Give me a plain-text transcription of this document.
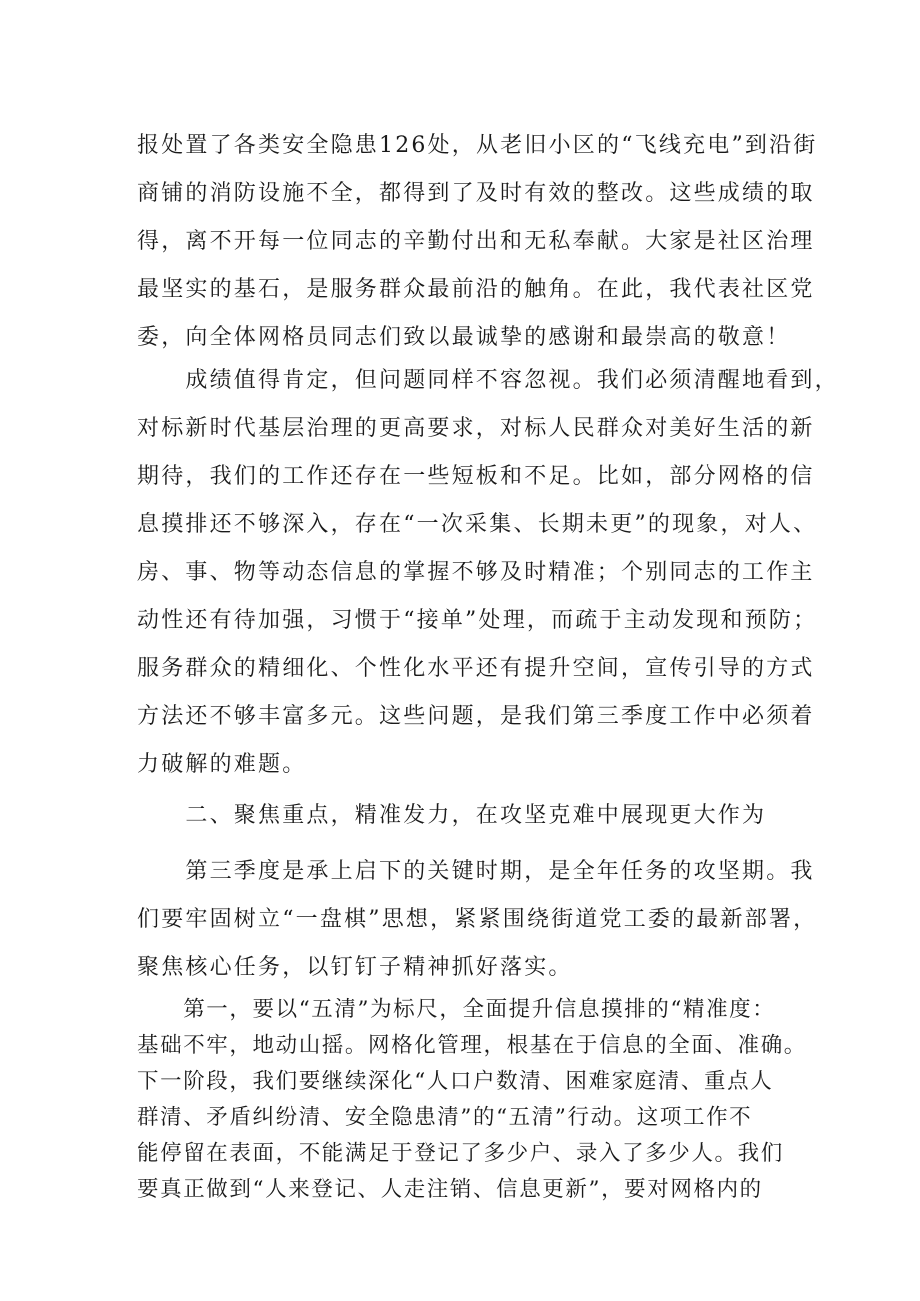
报处置了各类安全隐患126处，从老旧小区的“飞线充电”到沿街
商铺的消防设施不全，都得到了及时有效的整改。这些成绩的取
得，离不开每一位同志的辛勤付出和无私奉献。大家是社区治理
最坚实的基石，是服务群众最前沿的触角。在此，我代表社区党
委，向全体网格员同志们致以最诚挚的感谢和最崇高的敬意！
　　成绩值得肯定，但问题同样不容忽视。我们必须清醒地看到，
对标新时代基层治理的更高要求，对标人民群众对美好生活的新
期待，我们的工作还存在一些短板和不足。比如，部分网格的信
息摸排还不够深入，存在“一次采集、长期未更”的现象，对人、
房、事、物等动态信息的掌握不够及时精准；个别同志的工作主
动性还有待加强，习惯于“接单”处理，而疏于主动发现和预防；
服务群众的精细化、个性化水平还有提升空间，宣传引导的方式
方法还不够丰富多元。这些问题，是我们第三季度工作中必须着
力破解的难题。
　　二、聚焦重点，精准发力，在攻坚克难中展现更大作为
　　第三季度是承上启下的关键时期，是全年任务的攻坚期。我
们要牢固树立“一盘棋”思想，紧紧围绕街道党工委的最新部署，
聚焦核心任务，以钉钉子精神抓好落实。
　　第一，要以“五清”为标尺，全面提升信息摸排的“精准度：
基础不牢，地动山摇。网格化管理，根基在于信息的全面、准确。
下一阶段，我们要继续深化“人口户数清、困难家庭清、重点人
群清、矛盾纠纷清、安全隐患清”的“五清”行动。这项工作不
能停留在表面，不能满足于登记了多少户、录入了多少人。我们
要真正做到“人来登记、人走注销、信息更新”，要对网格内的
